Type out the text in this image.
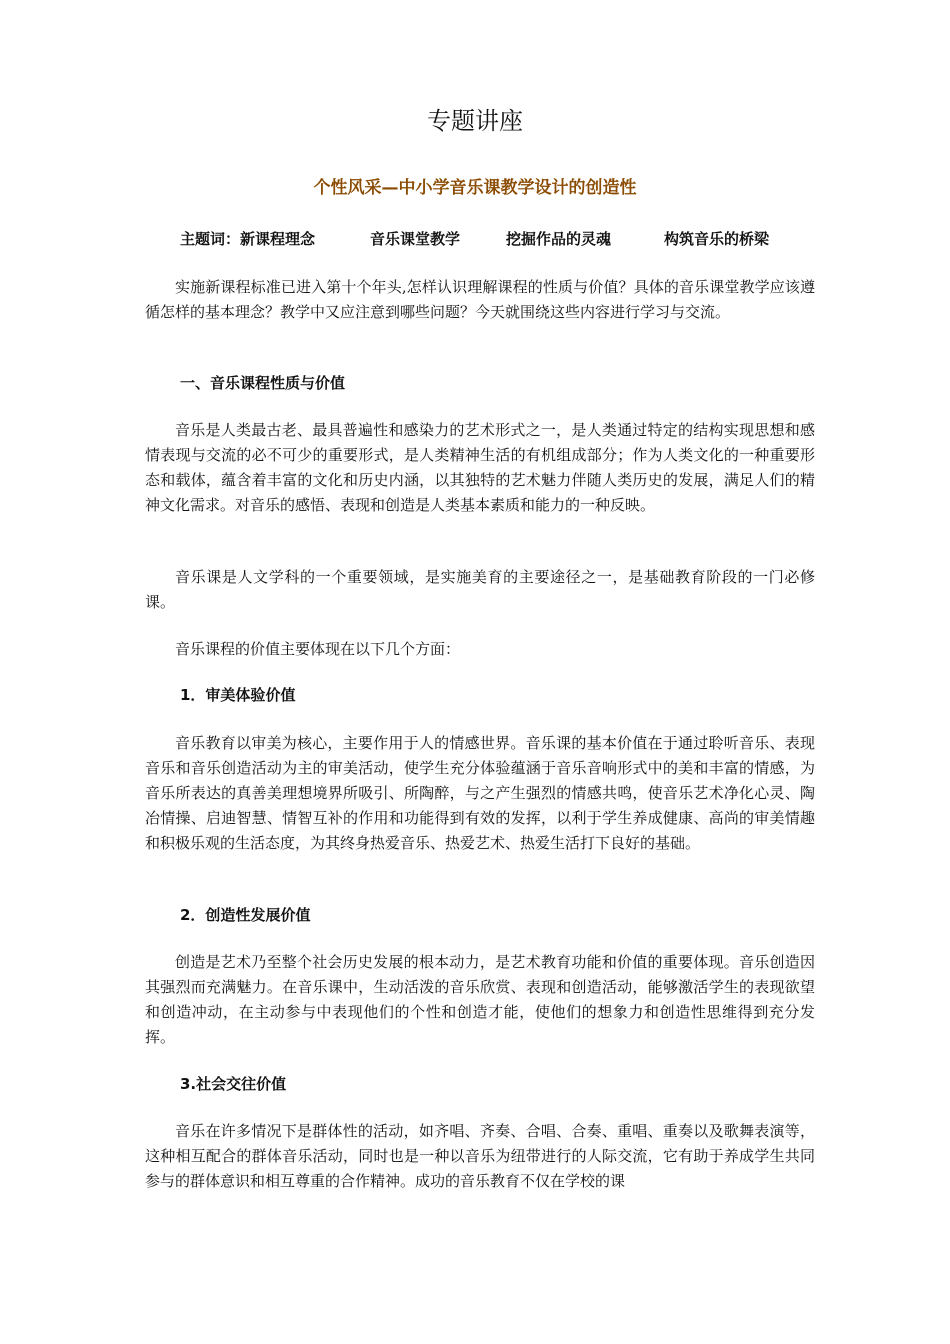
专题讲座
个性风采—中小学音乐课教学设计的创造性
主题词：新课程理念	音乐课堂教学	挖掘作品的灵魂	构筑音乐的桥梁

实施新课程标准已进入第十个年头,怎样认识理解课程的性质与价值？具体的音乐课堂教学应该遵循怎样的基本理念？教学中又应注意到哪些问题？今天就围绕这些内容进行学习与交流。

一、音乐课程性质与价值

音乐是人类最古老、最具普遍性和感染力的艺术形式之一，是人类通过特定的结构实现思想和感情表现与交流的必不可少的重要形式，是人类精神生活的有机组成部分；作为人类文化的一种重要形态和载体，蕴含着丰富的文化和历史内涵，以其独特的艺术魅力伴随人类历史的发展，满足人们的精神文化需求。对音乐的感悟、表现和创造是人类基本素质和能力的一种反映。

音乐课是人文学科的一个重要领域，是实施美育的主要途径之一，是基础教育阶段的一门必修课。

音乐课程的价值主要体现在以下几个方面：

1．审美体验价值

音乐教育以审美为核心，主要作用于人的情感世界。音乐课的基本价值在于通过聆听音乐、表现音乐和音乐创造活动为主的审美活动，使学生充分体验蕴涵于音乐音响形式中的美和丰富的情感，为音乐所表达的真善美理想境界所吸引、所陶醉，与之产生强烈的情感共鸣，使音乐艺术净化心灵、陶冶情操、启迪智慧、情智互补的作用和功能得到有效的发挥，以利于学生养成健康、高尚的审美情趣和积极乐观的生活态度，为其终身热爱音乐、热爱艺术、热爱生活打下良好的基础。

2．创造性发展价值

创造是艺术乃至整个社会历史发展的根本动力，是艺术教育功能和价值的重要体现。音乐创造因其强烈而充满魅力。在音乐课中，生动活泼的音乐欣赏、表现和创造活动，能够激活学生的表现欲望和创造冲动，在主动参与中表现他们的个性和创造才能，使他们的想象力和创造性思维得到充分发挥。

3.社会交往价值

音乐在许多情况下是群体性的活动，如齐唱、齐奏、合唱、合奏、重唱、重奏以及歌舞表演等，这种相互配合的群体音乐活动，同时也是一种以音乐为纽带进行的人际交流，它有助于养成学生共同参与的群体意识和相互尊重的合作精神。成功的音乐教育不仅在学校的课
